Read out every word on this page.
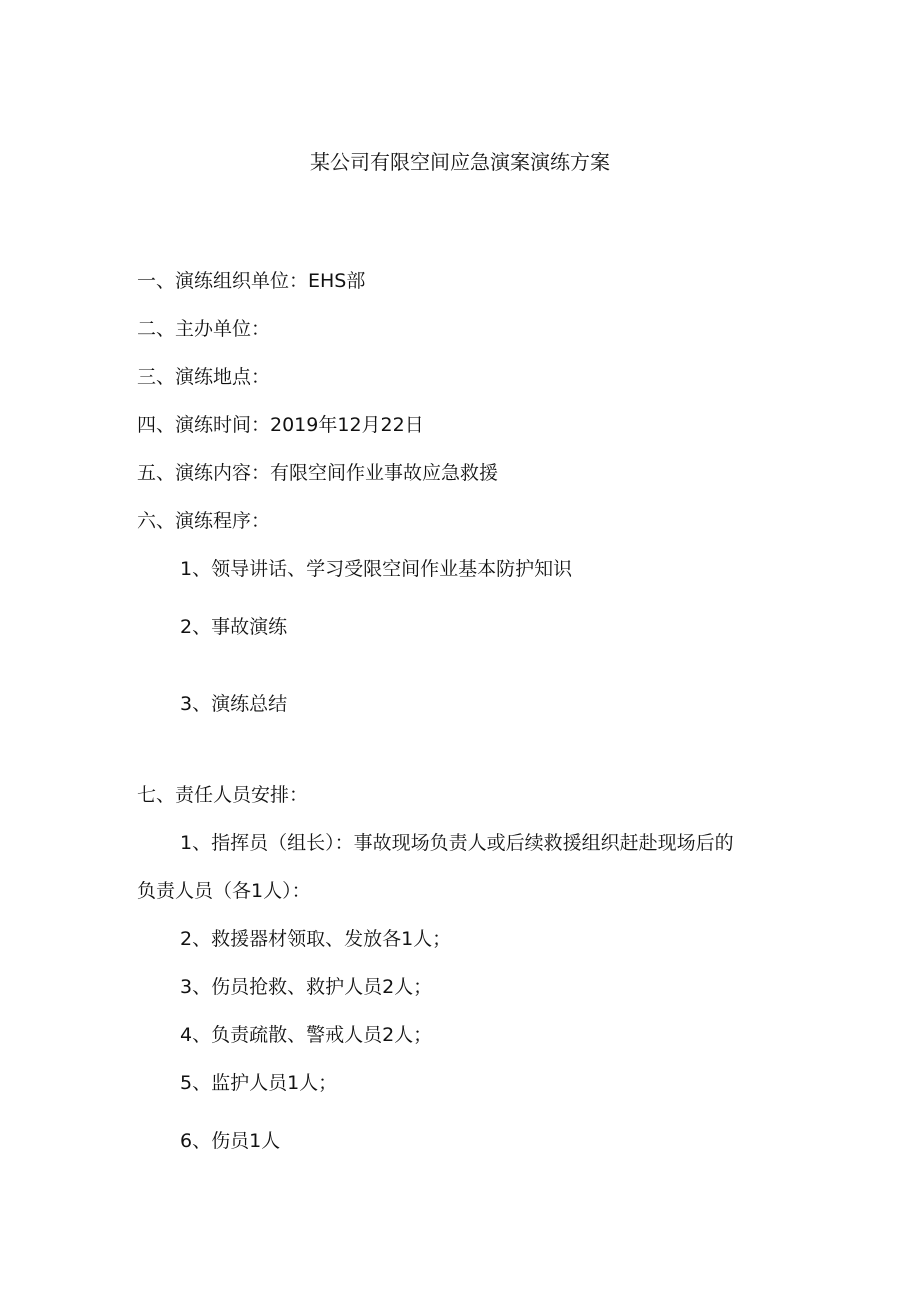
某公司有限空间应急演案演练方案
一、演练组织单位：EHS部
二、主办单位：
三、演练地点：
四、演练时间：2019年12月22日
五、演练内容：有限空间作业事故应急救援
六、演练程序：
1、领导讲话、学习受限空间作业基本防护知识
2、事故演练
3、演练总结
七、责任人员安排：
1、指挥员（组长）：事故现场负责人或后续救援组织赶赴现场后的
负责人员（各1人）：
2、救援器材领取、发放各1人；
3、伤员抢救、救护人员2人；
4、负责疏散、警戒人员2人；
5、监护人员1人；
6、伤员1人
